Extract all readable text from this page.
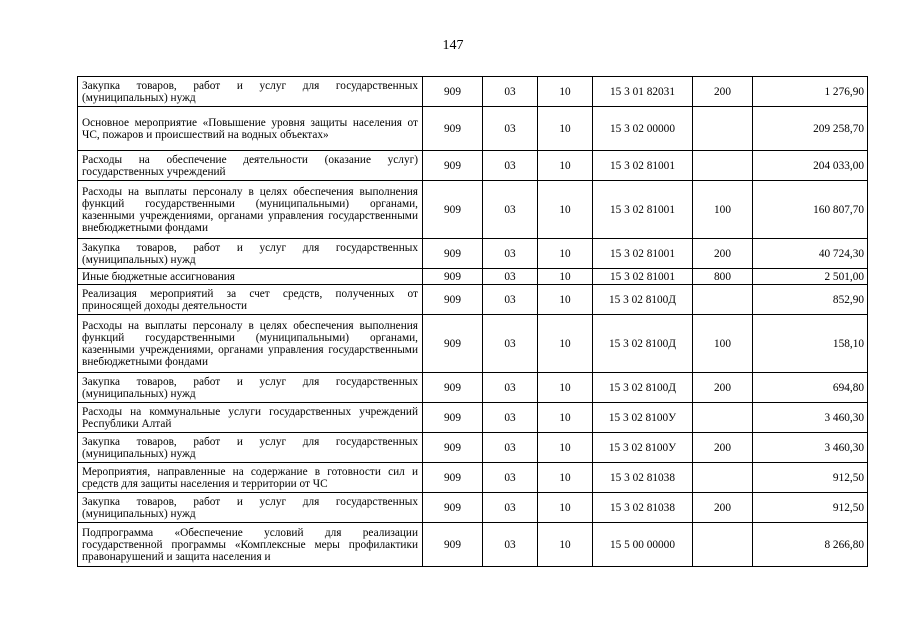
147
Закупка товаров, работ и услуг для государственных (муниципальных) нужд	909	03	10	15 3 01 82031	200	1 276,90
Основное мероприятие «Повышение уровня защиты населения от ЧС, пожаров и происшествий на водных объектах»	909	03	10	15 3 02 00000		209 258,70
Расходы на обеспечение деятельности (оказание услуг) государственных учреждений	909	03	10	15 3 02 81001		204 033,00
Расходы на выплаты персоналу в целях обеспечения выполнения функций государственными (муниципальными) органами, казенными учреждениями, органами управления государственными внебюджетными фондами	909	03	10	15 3 02 81001	100	160 807,70
Закупка товаров, работ и услуг для государственных (муниципальных) нужд	909	03	10	15 3 02 81001	200	40 724,30
Иные бюджетные ассигнования	909	03	10	15 3 02 81001	800	2 501,00
Реализация мероприятий за счет средств, полученных от приносящей доходы деятельности	909	03	10	15 3 02 8100Д		852,90
Расходы на выплаты персоналу в целях обеспечения выполнения функций государственными (муниципальными) органами, казенными учреждениями, органами управления государственными внебюджетными фондами	909	03	10	15 3 02 8100Д	100	158,10
Закупка товаров, работ и услуг для государственных (муниципальных) нужд	909	03	10	15 3 02 8100Д	200	694,80
Расходы на коммунальные услуги государственных учреждений Республики Алтай	909	03	10	15 3 02 8100У		3 460,30
Закупка товаров, работ и услуг для государственных (муниципальных) нужд	909	03	10	15 3 02 8100У	200	3 460,30
Мероприятия, направленные на содержание в готовности сил и средств для защиты населения и территории от ЧС	909	03	10	15 3 02 81038		912,50
Закупка товаров, работ и услуг для государственных (муниципальных) нужд	909	03	10	15 3 02 81038	200	912,50
Подпрограмма «Обеспечение условий для реализации государственной программы «Комплексные меры профилактики правонарушений и защита населения и	909	03	10	15 5 00 00000		8 266,80
